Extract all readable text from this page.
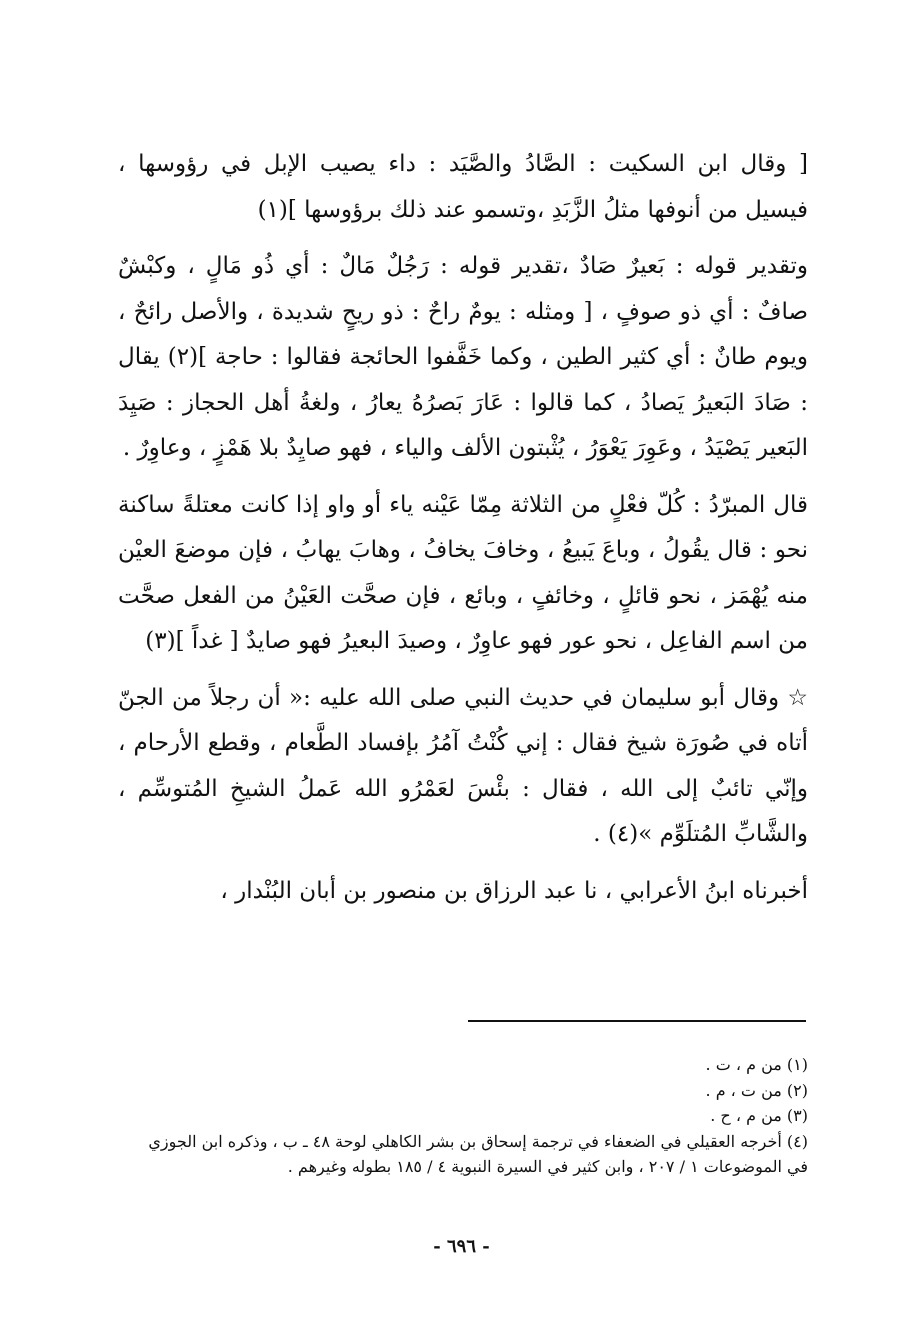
[ وقال ابن السكيت : الصَّادُ والصَّيَد : داء يصيب الإبل في رؤوسها ، فيسيل من أنوفها مثلُ الزَّبَدِ ،وتسمو عند ذلك برؤوسها ](١)

وتقدير قوله : بَعيرٌ صَادٌ ،تقدير قوله : رَجُلٌ مَالٌ : أي ذُو مَالٍ ، وكبْشٌ صافٌ : أي ذو صوفٍ ، [ ومثله : يومٌ راحٌ : ذو ريحٍ شديدة ، والأصل رائحٌ ، ويوم طانٌ : أي كثير الطين ، وكما خَفَّفوا الحائجة فقالوا : حاجة ](٢) يقال : صَادَ البَعيرُ يَصادُ ، كما قالوا : عَارَ بَصرُهُ يعارُ ، ولغةُ أهل الحجاز : صَيِدَ البَعير يَصْيَدُ ، وعَوِرَ يَعْوَرُ ، يُثْبتون الألف والياء ، فهو صايِدٌ بلا هَمْزٍ ، وعاوِرٌ .

قال المبرّدُ : كُلّ فعْلٍ من الثلاثة مِمّا عَيْنه ياء أو واو إذا كانت معتلةً ساكنة نحو : قال يقُولُ ، وباعَ يَبيعُ ، وخافَ يخافُ ، وهابَ يهابُ ، فإن موضعَ العيْن منه يُهْمَز ، نحو قائلٍ ، وخائفٍ ، وبائع ، فإن صحَّت العَيْنُ من الفعل صحَّت من اسم الفاعِل ، نحو عور فهو عاوِرٌ ، وصيدَ البعيرُ فهو صايدٌ [ غداً ](٣)

☆ وقال أبو سليمان في حديث النبي صلى الله عليه :« أن رجلاً من الجنّ أتاه في صُورَة شيخ فقال : إني كُنْتُ آمُرُ بإفساد الطَّعام ، وقطع الأرحام ، وإنّي تائبٌ إلى الله ، فقال : بئْسَ لعَمْرُو الله عَملُ الشيخِ المُتوسِّم ، والشَّابِّ المُتلَوِّم »(٤) .

أخبرناه ابنُ الأعرابي ، نا عبد الرزاق بن منصور بن أبان البُنْدار ،

(١) من م ، ت .

(٢) من ت ، م .

(٣) من م ، ح .

(٤) أخرجه العقيلي في الضعفاء في ترجمة إسحاق بن بشر الكاهلي لوحة ٤٨ ـ ب ، وذكره ابن الجوزي في الموضوعات ١ / ٢٠٧ ، وابن كثير في السيرة النبوية ٤ / ١٨٥ بطوله وغيرهم .

- ٦٩٦ -
